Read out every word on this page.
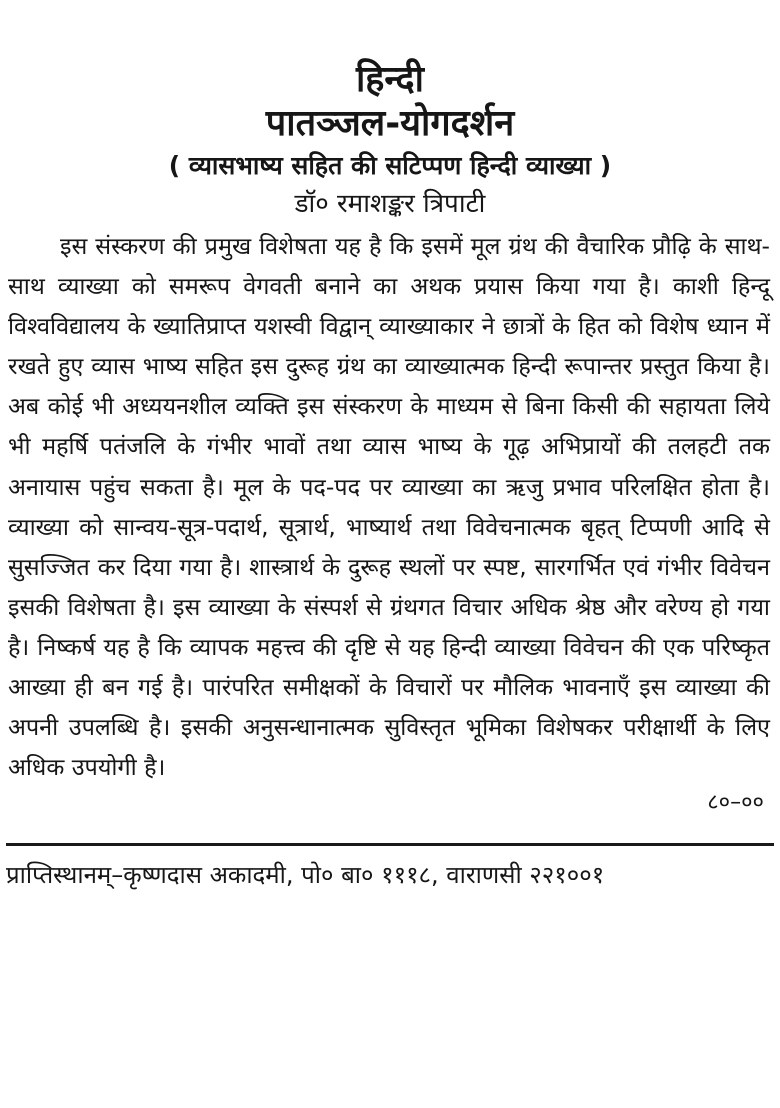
हिन्दी
पातञ्जल-योगदर्शन
( व्यासभाष्य सहित की सटिप्पण हिन्दी व्याख्या )
डॉ० रमाशङ्कर त्रिपाटी

इस संस्करण की प्रमुख विशेषता यह है कि इसमें मूल ग्रंथ की वैचारिक प्रौढ़ि के साथ-साथ व्याख्या को समरूप वेगवती बनाने का अथक प्रयास किया गया है। काशी हिन्दू विश्वविद्यालय के ख्यातिप्राप्त यशस्वी विद्वान् व्याख्याकार ने छात्रों के हित को विशेष ध्यान में रखते हुए व्यास भाष्य सहित इस दुरूह ग्रंथ का व्याख्यात्मक हिन्दी रूपान्तर प्रस्तुत किया है। अब कोई भी अध्ययनशील व्यक्ति इस संस्करण के माध्यम से बिना किसी की सहायता लिये भी महर्षि पतंजलि के गंभीर भावों तथा व्यास भाष्य के गूढ़ अभिप्रायों की तलहटी तक अनायास पहुंच सकता है। मूल के पद-पद पर व्याख्या का ऋजु प्रभाव परिलक्षित होता है। व्याख्या को सान्वय-सूत्र-पदार्थ, सूत्रार्थ, भाष्यार्थ तथा विवेचनात्मक बृहत् टिप्पणी आदि से सुसज्जित कर दिया गया है। शास्त्रार्थ के दुरूह स्थलों पर स्पष्ट, सारगर्भित एवं गंभीर विवेचन इसकी विशेषता है। इस व्याख्या के संस्पर्श से ग्रंथगत विचार अधिक श्रेष्ठ और वरेण्य हो गया है। निष्कर्ष यह है कि व्यापक महत्त्व की दृष्टि से यह हिन्दी व्याख्या विवेचन की एक परिष्कृत आख्या ही बन गई है। पारंपरित समीक्षकों के विचारों पर मौलिक भावनाएँ इस व्याख्या की अपनी उपलब्धि है। इसकी अनुसन्धानात्मक सुविस्तृत भूमिका विशेषकर परीक्षार्थी के लिए अधिक उपयोगी है।

८०–००
प्राप्तिस्थानम्–कृष्णदास अकादमी, पो० बा० १११८, वाराणसी २२१००१
